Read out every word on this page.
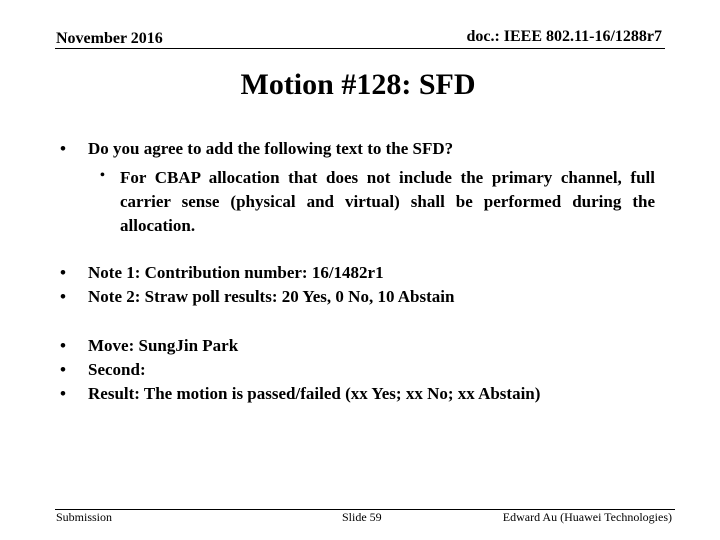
November 2016	doc.: IEEE 802.11-16/1288r7
Motion #128: SFD
• Do you agree to add the following text to the SFD?
• For CBAP allocation that does not include the primary channel, full carrier sense (physical and virtual) shall be performed during the allocation.
• Note 1: Contribution number: 16/1482r1
• Note 2: Straw poll results: 20 Yes, 0 No, 10 Abstain
• Move: SungJin Park
• Second:
• Result: The motion is passed/failed (xx Yes; xx No; xx Abstain)
Submission	Slide 59	Edward Au (Huawei Technologies)
